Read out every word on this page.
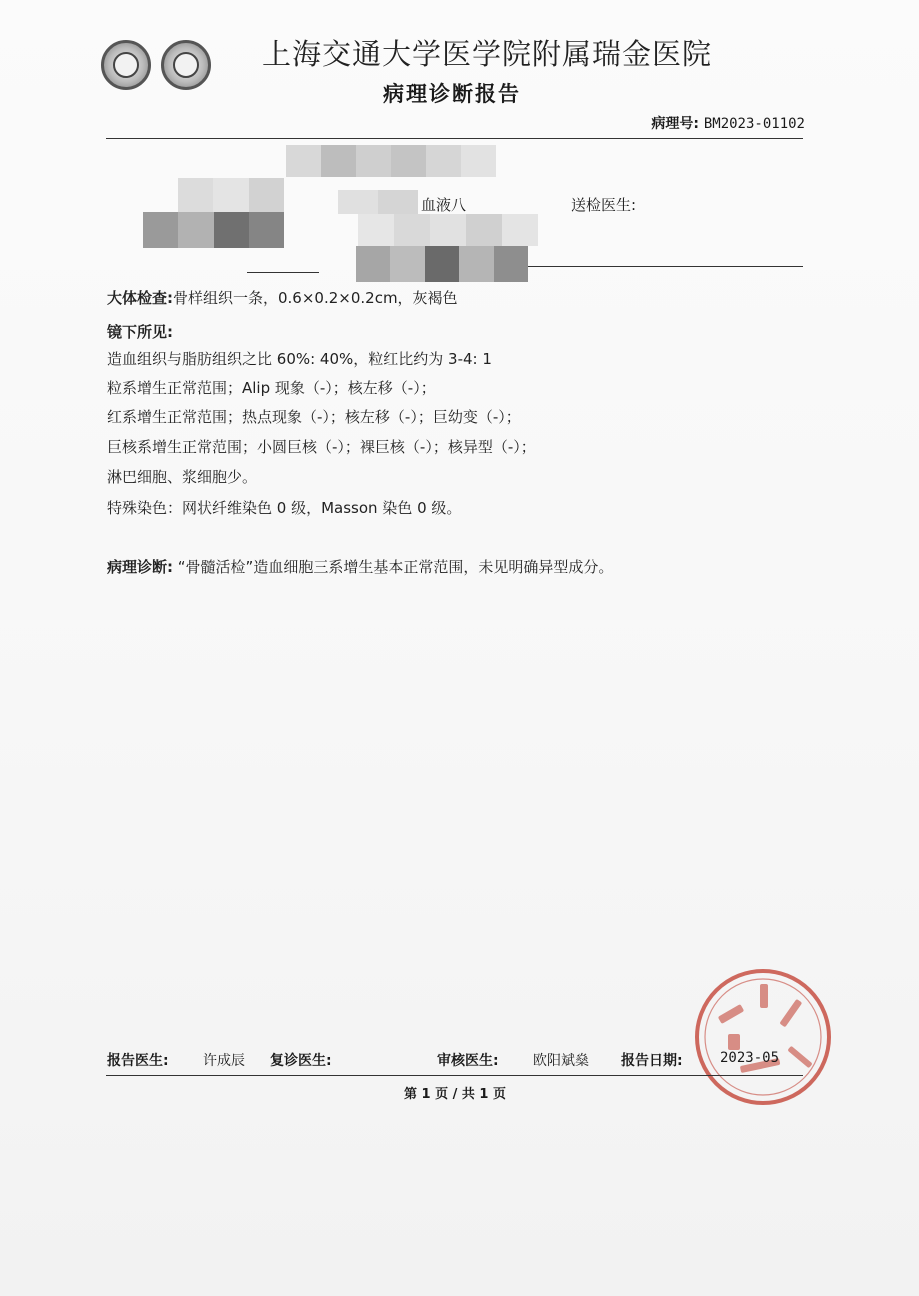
上海交通大学医学院附属瑞金医院
病理诊断报告
病理号: BM2023-01102
血液八	送检医生:
大体检查:骨样组织一条，0.6×0.2×0.2cm，灰褐色
镜下所见:
造血组织与脂肪组织之比 60%: 40%，粒红比约为 3-4: 1
粒系增生正常范围；Alip 现象（-）；核左移（-）；
红系增生正常范围；热点现象（-）；核左移（-）；巨幼变（-）；
巨核系增生正常范围；小圆巨核（-）；裸巨核（-）；核异型（-）；
淋巴细胞、浆细胞少。
特殊染色：网状纤维染色 0 级，Masson 染色 0 级。
病理诊断: “骨髓活检”造血细胞三系增生基本正常范围，未见明确异型成分。
报告医生: 许成辰 复诊医生:	审核医生: 欧阳斌燊 报告日期:	2023-05
第 1 页 / 共 1 页
